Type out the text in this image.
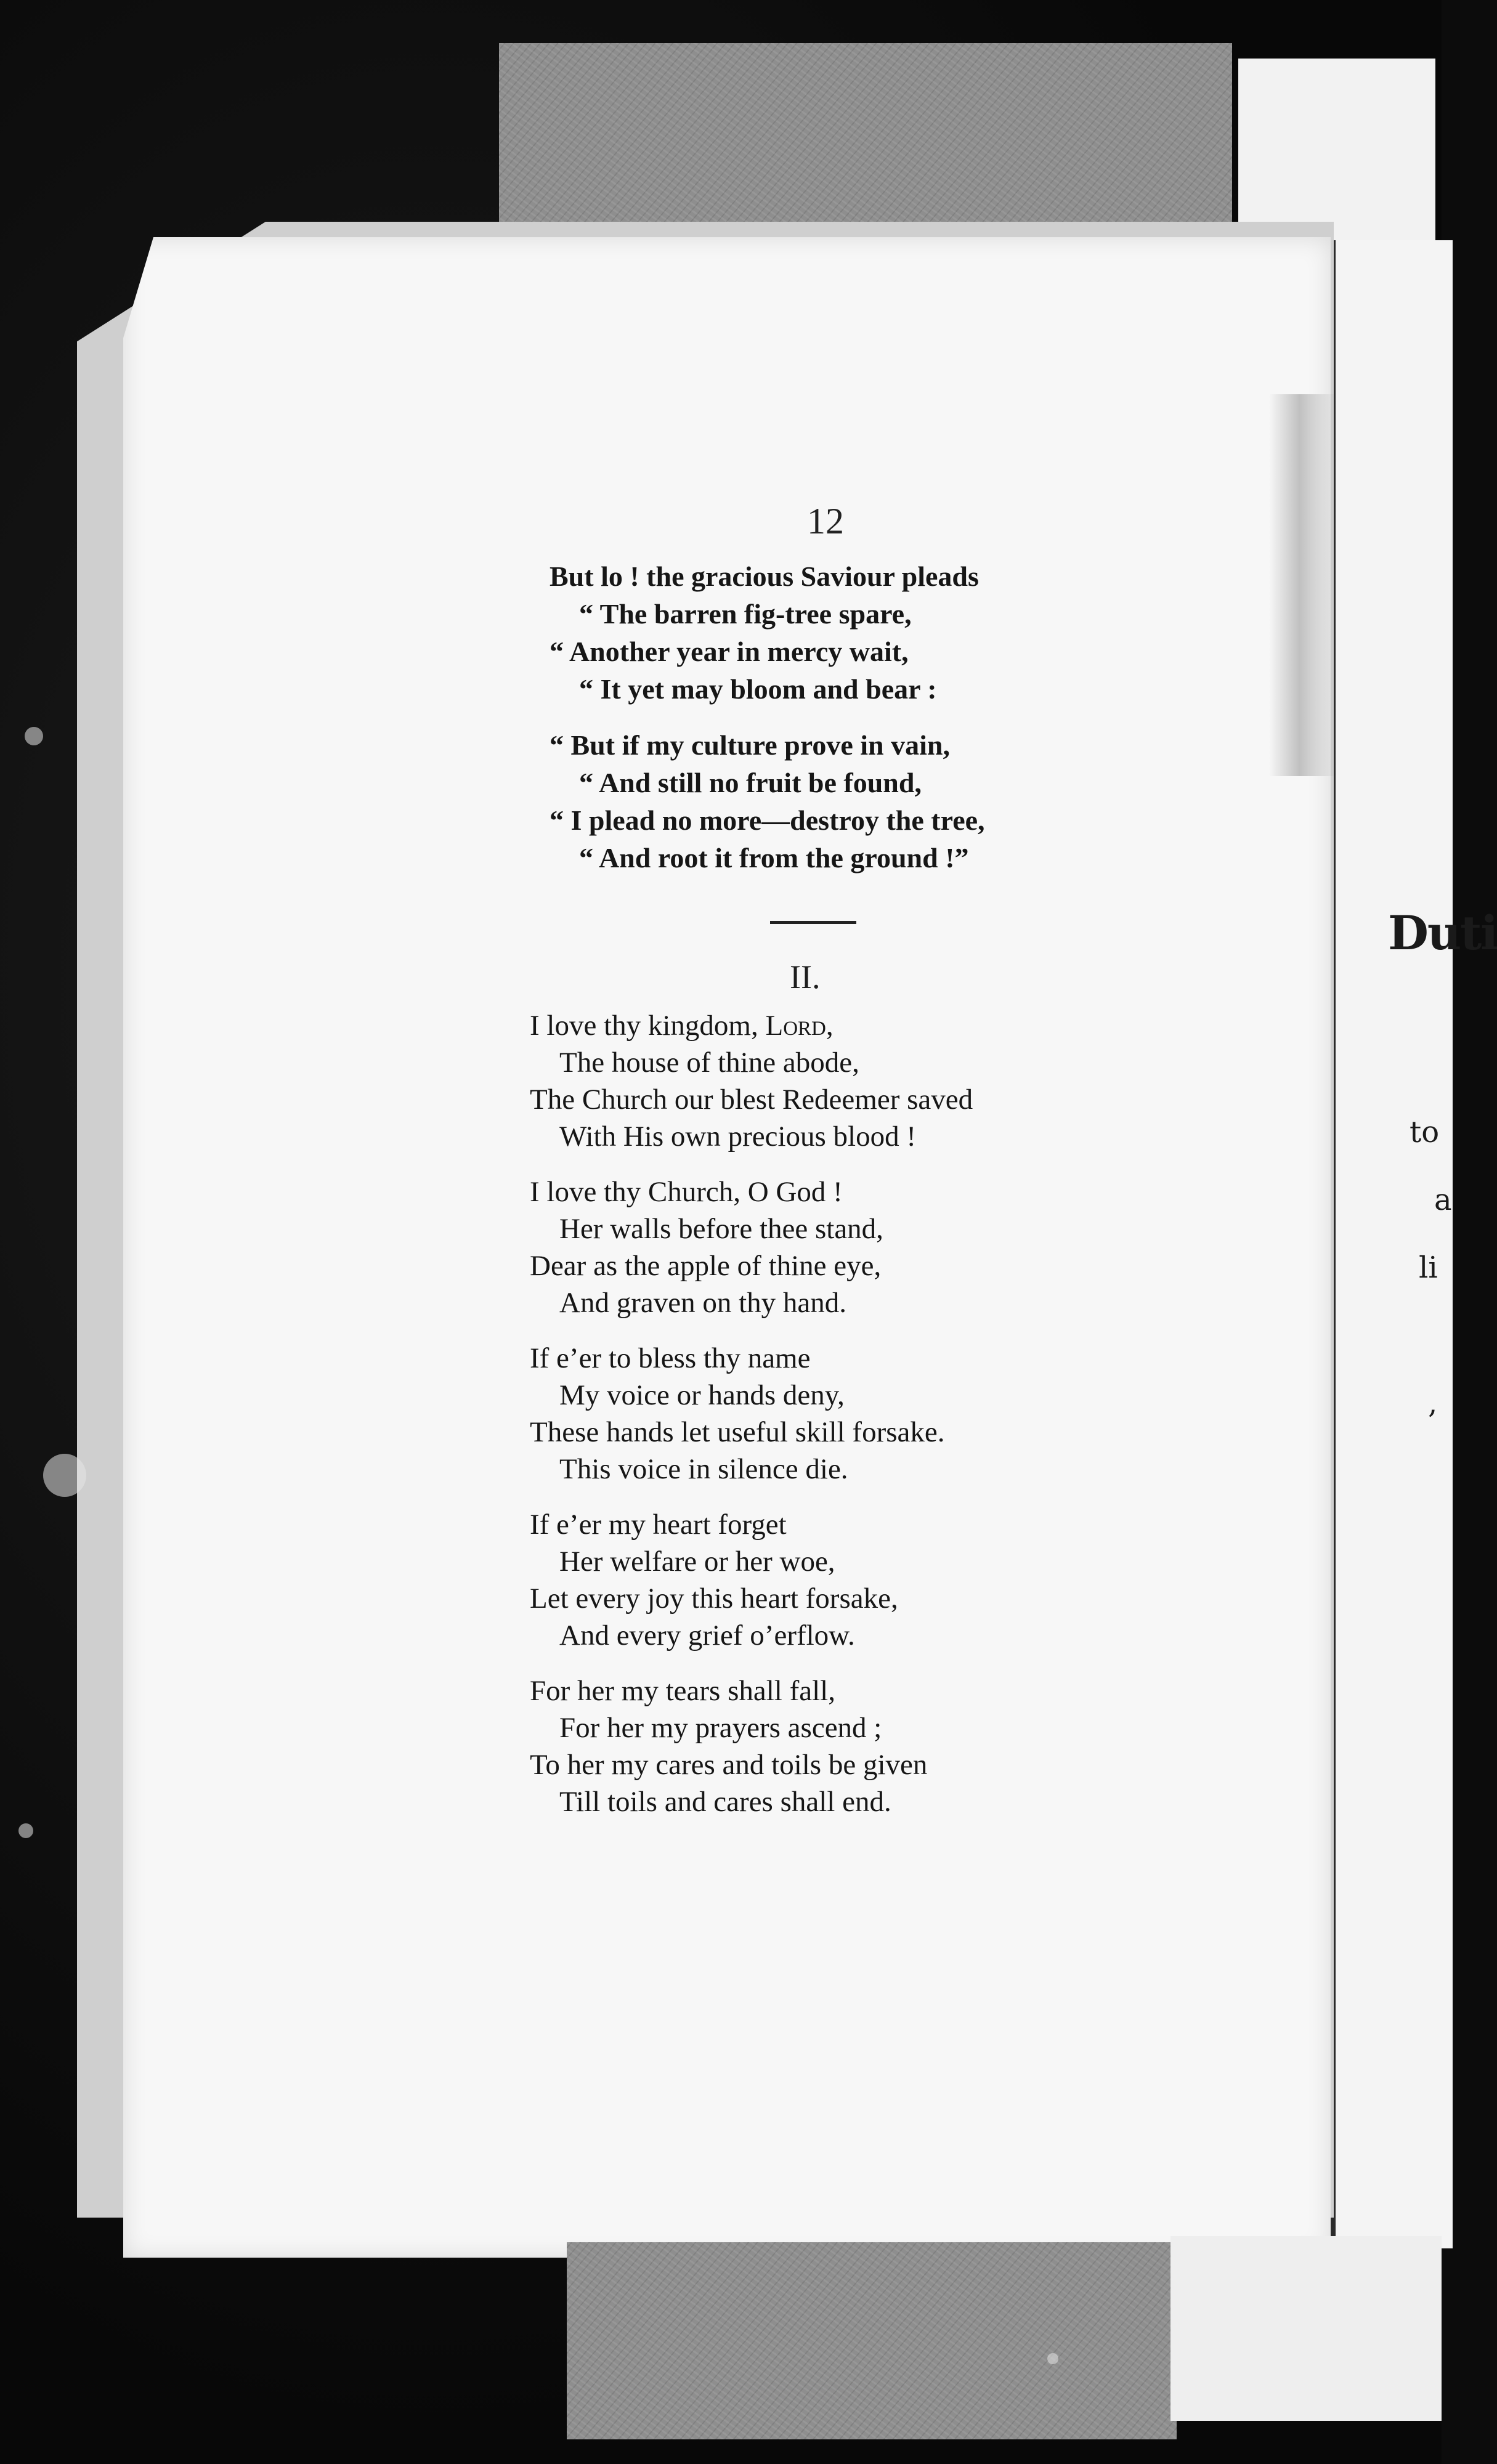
Duti
to
a
li
,
12
But lo ! the gracious Saviour pleads
“ The barren fig-tree spare,
“ Another year in mercy wait,
“ It yet may bloom and bear :
“ But if my culture prove in vain,
“ And still no fruit be found,
“ I plead no more—destroy the tree,
“ And root it from the ground !”
II.
I love thy kingdom, Lord,
The house of thine abode,
The Church our blest Redeemer saved
With His own precious blood !
I love thy Church, O God !
Her walls before thee stand,
Dear as the apple of thine eye,
And graven on thy hand.
If e’er to bless thy name
My voice or hands deny,
These hands let useful skill forsake.
This voice in silence die.
If e’er my heart forget
Her welfare or her woe,
Let every joy this heart forsake,
And every grief o’erflow.
For her my tears shall fall,
For her my prayers ascend ;
To her my cares and toils be given
Till toils and cares shall end.
